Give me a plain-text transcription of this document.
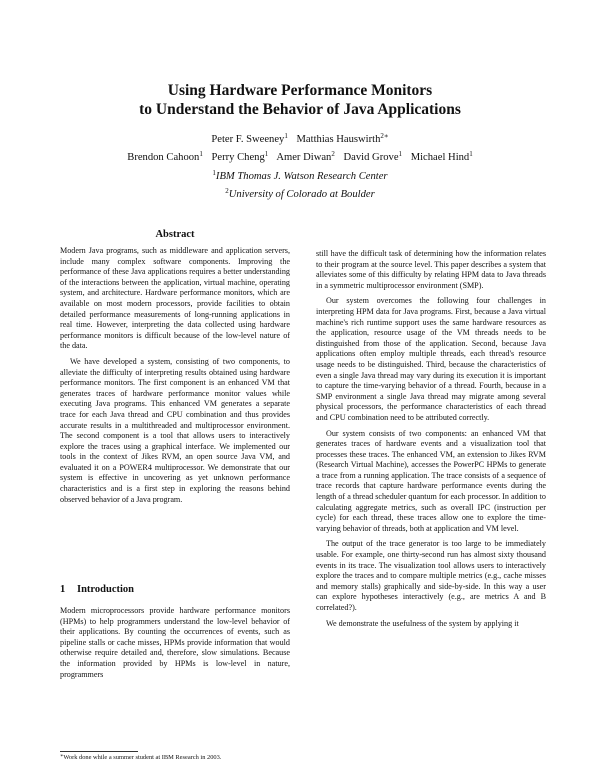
Using Hardware Performance Monitors
to Understand the Behavior of Java Applications
Peter F. Sweeney$^1$ Matthias Hauswirth$^{2∗}$
Brendon Cahoon$^1$ Perry Cheng$^1$ Amer Diwan$^2$ David Grove$^1$ Michael Hind$^1$
$^1$IBM Thomas J. Watson Research Center
$^2$University of Colorado at Boulder
Abstract

Modern Java programs, such as middleware and application servers, include many complex software components. Improving the performance of these Java applications requires a better understanding of the interactions between the application, virtual machine, operating system, and architecture. Hardware performance monitors, which are available on most modern processors, provide facilities to obtain detailed performance measurements of long-running applications in real time. However, interpreting the data collected using hardware performance monitors is difficult because of the low-level nature of the data.

We have developed a system, consisting of two components, to alleviate the difficulty of interpreting results obtained using hardware performance monitors. The first component is an enhanced VM that generates traces of hardware performance monitor values while executing Java programs. This enhanced VM generates a separate trace for each Java thread and CPU combination and thus provides accurate results in a multithreaded and multiprocessor environment. The second component is a tool that allows users to interactively explore the traces using a graphical interface. We implemented our tools in the context of Jikes RVM, an open source Java VM, and evaluated it on a POWER4 multiprocessor. We demonstrate that our system is effective in uncovering as yet unknown performance characteristics and is a first step in exploring the reasons behind observed behavior of a Java program.

1 Introduction

Modern microprocessors provide hardware performance monitors (HPMs) to help programmers understand the low-level behavior of their applications. By counting the occurrences of events, such as pipeline stalls or cache misses, HPMs provide information that would otherwise require detailed and, therefore, slow simulations. Because the information provided by HPMs is low-level in nature, programmers

∗Work done while a summer student at IBM Research in 2003.

still have the difficult task of determining how the information relates to their program at the source level. This paper describes a system that alleviates some of this difficulty by relating HPM data to Java threads in a symmetric multiprocessor environment (SMP).

Our system overcomes the following four challenges in interpreting HPM data for Java programs. First, because a Java virtual machine's rich runtime support uses the same hardware resources as the application, resource usage of the VM threads needs to be distinguished from those of the application. Second, because Java applications often employ multiple threads, each thread's resource usage needs to be distinguished. Third, because the characteristics of even a single Java thread may vary during its execution it is important to capture the time-varying behavior of a thread. Fourth, because in a SMP environment a single Java thread may migrate among several physical processors, the performance characteristics of each thread and CPU combination need to be attributed correctly.

Our system consists of two components: an enhanced VM that generates traces of hardware events and a visualization tool that processes these traces. The enhanced VM, an extension to Jikes RVM (Research Virtual Machine), accesses the PowerPC HPMs to generate a trace from a running application. The trace consists of a sequence of trace records that capture hardware performance events during the length of a thread scheduler quantum for each processor. In addition to calculating aggregate metrics, such as overall IPC (instruction per cycle) for each thread, these traces allow one to explore the time-varying behavior of threads, both at application and VM level.

The output of the trace generator is too large to be immediately usable. For example, one thirty-second run has almost sixty thousand events in its trace. The visualization tool allows users to interactively explore the traces and to compare multiple metrics (e.g., cache misses and memory stalls) graphically and side-by-side. In this way a user can explore hypotheses interactively (e.g., are metrics A and B correlated?).

We demonstrate the usefulness of the system by applying it
